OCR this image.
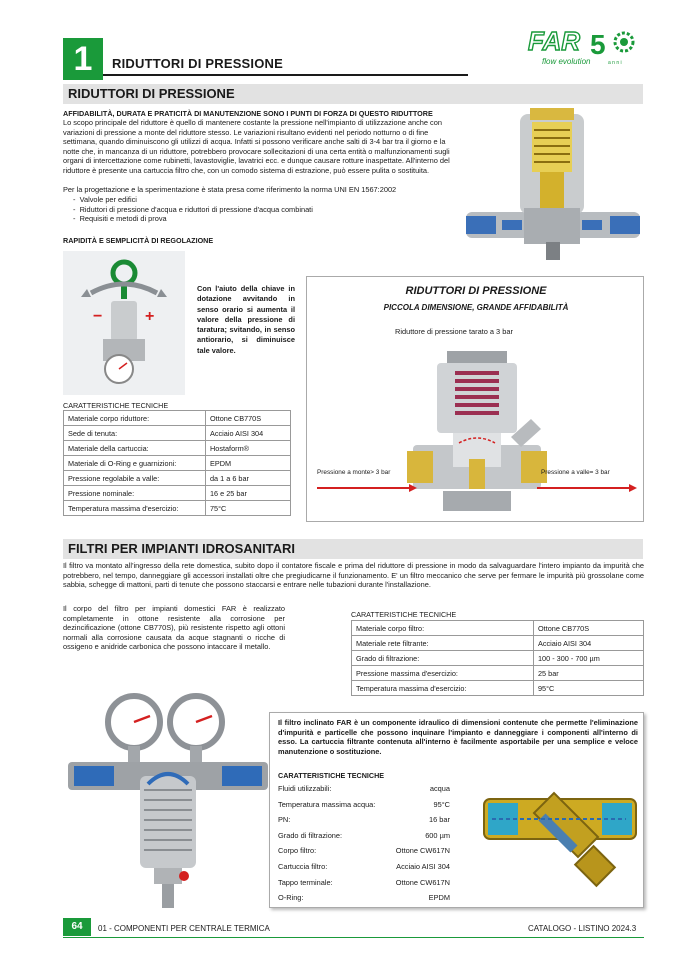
1	RIDUTTORI DI PRESSIONE
FAR 5
flow evolution	a n n i
RIDUTTORI DI PRESSIONE
AFFIDABILITÀ, DURATA E PRATICITÀ DI MANUTENZIONE SONO I PUNTI DI FORZA DI QUESTO RIDUTTORE
Lo scopo principale del riduttore è quello di mantenere costante la pressione nell'impianto di utilizzazione anche con variazioni di pressione a monte del riduttore stesso. Le variazioni risultano evidenti nel periodo notturno o di fine settimana, quando diminuiscono gli utilizzi di acqua. Infatti si possono verificare anche salti di 3-4 bar tra il giorno e la notte che, in mancanza di un riduttore, potrebbero provocare sollecitazioni di una certa entità o malfunzionamenti sugli organi di intercettazione come rubinetti, lavastoviglie, lavatrici ecc. e dunque causare rotture inaspettate. All'interno del riduttore è presente una cartuccia filtro che, con un comodo sistema di estrazione, può essere pulita o sostituita.
Per la progettazione e la sperimentazione è stata presa come riferimento la norma UNI EN 1567:2002
-  Valvole per edifici
-  Riduttori di pressione d'acqua e riduttori di pressione d'acqua combinati
-  Requisiti e metodi di prova
RAPIDITÀ E SEMPLICITÀ DI REGOLAZIONE
−	+
Con l'aiuto della chiave in dotazione avvitando in senso orario si aumenta il valore della pressione di taratura; svitando, in senso antiorario, si diminuisce tale valore.
CARATTERISTICHE TECNICHE
Materiale corpo riduttore:	Ottone CB770S
Sede di tenuta:	Acciaio AISI 304
Materiale della cartuccia:	Hostaform®
Materiale di O-Ring e guarnizioni:	EPDM
Pressione regolabile a valle:	da 1 a 6 bar
Pressione nominale:	16 e 25 bar
Temperatura massima d'esercizio:	75°C
RIDUTTORI DI PRESSIONE
PICCOLA DIMENSIONE, GRANDE AFFIDABILITÀ
Riduttore di pressione tarato a 3 bar
Pressione a monte> 3 bar	Pressione a valle= 3 bar
FILTRI PER IMPIANTI IDROSANITARI
Il filtro va montato all'ingresso della rete domestica, subito dopo il contatore fiscale e prima del riduttore di pressione in modo da salvaguardare l'intero impianto da impurità che potrebbero, nel tempo, danneggiare gli accessori installati oltre che pregiudicarne il funzionamento. E' un filtro meccanico che serve per fermare le impurità più grossolane come sabbia, schegge di mattoni, parti di tenute che possono staccarsi e entrare nelle tubazioni durante l'installazione.
Il corpo del filtro per impianti domestici FAR è realizzato completamente in ottone resistente alla corrosione per dezincificazione (ottone CB770S), più resistente rispetto agli ottoni normali alla corrosione causata da acque stagnanti o ricche di ossigeno e anidride carbonica che possono intaccare il metallo.
CARATTERISTICHE TECNICHE
Materiale corpo filtro:	Ottone CB770S
Materiale rete filtrante:	Acciaio AISI 304
Grado di filtrazione:	100 - 300 - 700 µm
Pressione massima d'esercizio:	25 bar
Temperatura massima d'esercizio:	95°C
Il filtro inclinato FAR è un componente idraulico di dimensioni contenute che permette l'eliminazione d'impurità e particelle che possono inquinare l'impianto e danneggiare i componenti all'interno di esso. La cartuccia filtrante contenuta all'interno è facilmente asportabile per una semplice e veloce manutenzione o sostituzione.
CARATTERISTICHE TECNICHE
Fluidi utilizzabili:	acqua
Temperatura massima acqua:	95°C
PN:	16 bar
Grado di filtrazione:	600 µm
Corpo filtro:	Ottone CW617N
Cartuccia filtro:	Acciaio AISI 304
Tappo terminale:	Ottone CW617N
O-Ring:	EPDM
64	01 - COMPONENTI PER CENTRALE TERMICA	CATALOGO - LISTINO 2024.3
